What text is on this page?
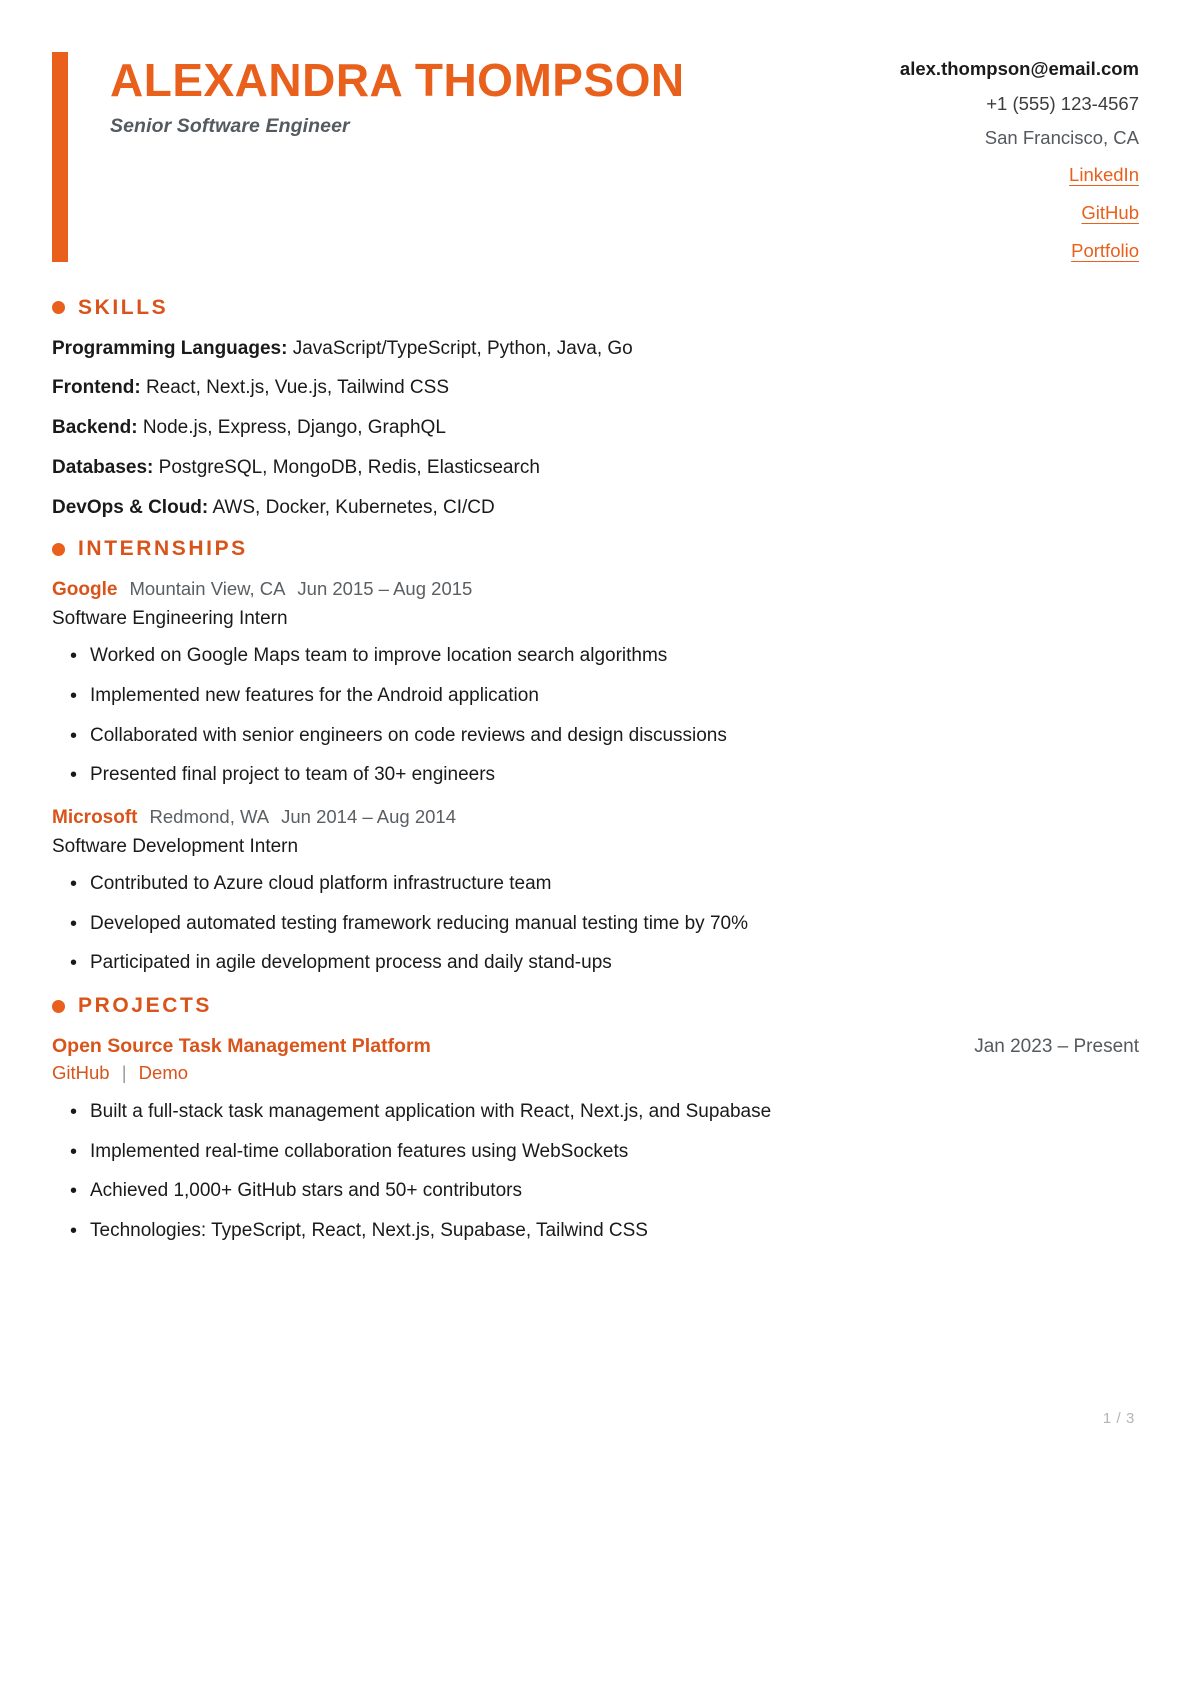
ALEXANDRA THOMPSON
Senior Software Engineer
alex.thompson@email.com
+1 (555) 123-4567
San Francisco, CA
LinkedIn
GitHub
Portfolio
SKILLS
Programming Languages: JavaScript/TypeScript, Python, Java, Go
Frontend: React, Next.js, Vue.js, Tailwind CSS
Backend: Node.js, Express, Django, GraphQL
Databases: PostgreSQL, MongoDB, Redis, Elasticsearch
DevOps & Cloud: AWS, Docker, Kubernetes, CI/CD
INTERNSHIPS
Google Mountain View, CA Jun 2015 – Aug 2015
Software Engineering Intern
• Worked on Google Maps team to improve location search algorithms
• Implemented new features for the Android application
• Collaborated with senior engineers on code reviews and design discussions
• Presented final project to team of 30+ engineers
Microsoft Redmond, WA Jun 2014 – Aug 2014
Software Development Intern
• Contributed to Azure cloud platform infrastructure team
• Developed automated testing framework reducing manual testing time by 70%
• Participated in agile development process and daily stand-ups
PROJECTS
Open Source Task Management Platform	Jan 2023 – Present
GitHub | Demo
• Built a full-stack task management application with React, Next.js, and Supabase
• Implemented real-time collaboration features using WebSockets
• Achieved 1,000+ GitHub stars and 50+ contributors
• Technologies: TypeScript, React, Next.js, Supabase, Tailwind CSS
1 / 3
